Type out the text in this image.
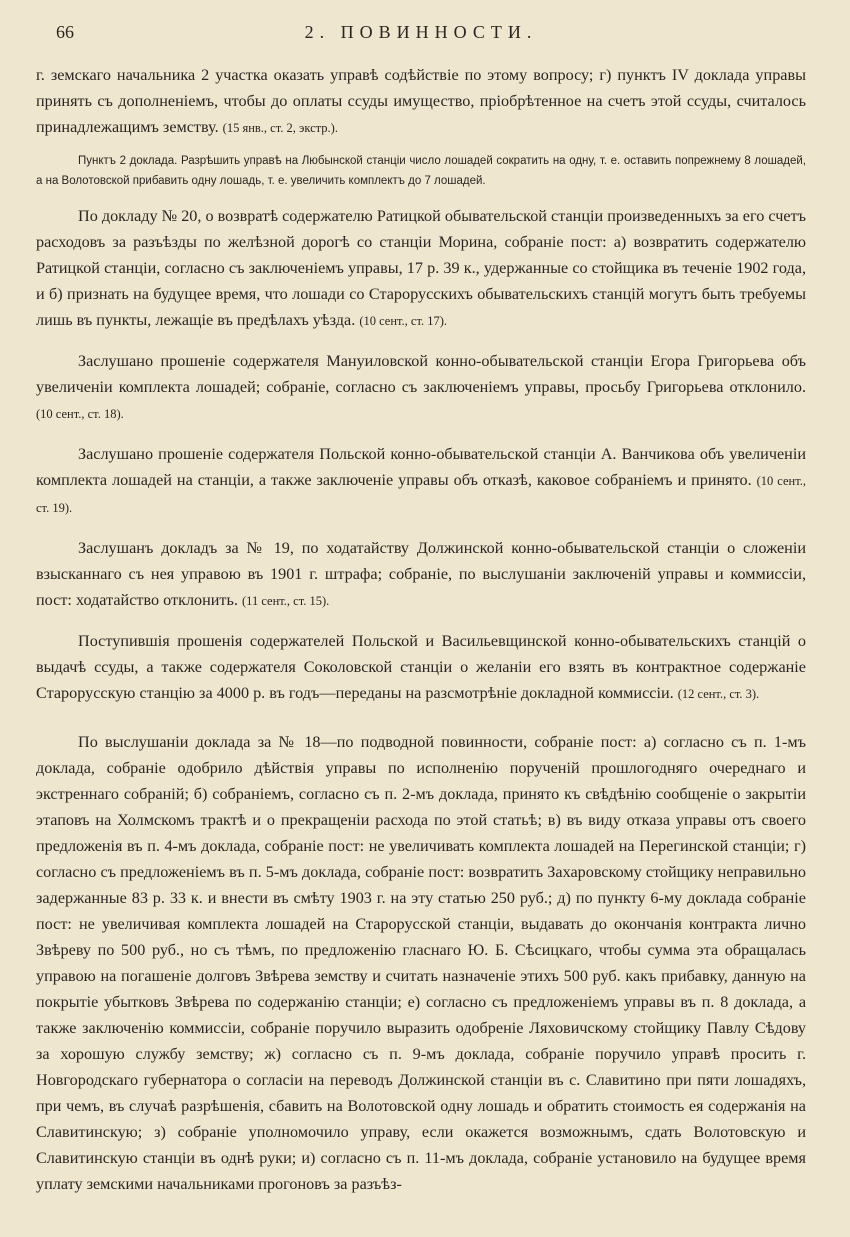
66	2. ПОВИННОСТИ.

г. земскаго начальника 2 участка оказать управѣ содѣйствіе по этому вопросу; г) пунктъ IV доклада управы принять съ дополненіемъ, чтобы до оплаты ссуды имущество, пріобрѣтенное на счетъ этой ссуды, считалось принадлежащимъ земству. (15 янв., ст. 2, экстр.).

Пунктъ 2 доклада. Разрѣшить управѣ на Любынской станціи число лошадей сократить на одну, т. е. оставить попрежнему 8 лошадей, а на Волотовской прибавить одну лошадь, т. е. увеличить комплектъ до 7 лошадей.

По докладу № 20, о возвратѣ содержателю Ратицкой обывательской станціи произведенныхъ за его счетъ расходовъ за разъѣзды по желѣзной дорогѣ со станціи Морина, собраніе пост: а) возвратить содержателю Ратицкой станціи, согласно съ заключеніемъ управы, 17 р. 39 к., удержанные со стойщика въ теченіе 1902 года, и б) признать на будущее время, что лошади со Старорусскихъ обывательскихъ станцій могутъ быть требуемы лишь въ пункты, лежащіе въ предѣлахъ уѣзда. (10 сент., ст. 17).

Заслушано прошеніе содержателя Мануиловской конно-обывательской станціи Егора Григорьева объ увеличеніи комплекта лошадей; собраніе, согласно съ заключеніемъ управы, просьбу Григорьева отклонило. (10 сент., ст. 18).

Заслушано прошеніе содержателя Польской конно-обывательской станціи А. Ванчикова объ увеличеніи комплекта лошадей на станціи, а также заключеніе управы объ отказѣ, каковое собраніемъ и принято. (10 сент., ст. 19).

Заслушанъ докладъ за № 19, по ходатайству Должинской конно-обывательской станціи о сложеніи взысканнаго съ нея управою въ 1901 г. штрафа; собраніе, по выслушаніи заключеній управы и коммиссіи, пост: ходатайство отклонить. (11 сент., ст. 15).

Поступившія прошенія содержателей Польской и Васильевщинской конно-обывательскихъ станцій о выдачѣ ссуды, а также содержателя Соколовской станціи о желаніи его взять въ контрактное содержаніе Старорусскую станцію за 4000 р. въ годъ—переданы на разсмотрѣніе докладной коммиссіи. (12 сент., ст. 3).

По выслушаніи доклада за № 18—по подводной повинности, собраніе пост: а) согласно съ п. 1-мъ доклада, собраніе одобрило дѣйствія управы по исполненію порученій прошлогодняго очереднаго и экстреннаго собраній; б) собраніемъ, согласно съ п. 2-мъ доклада, принято къ свѣдѣнію сообщеніе о закрытіи этаповъ на Холмскомъ трактѣ и о прекращеніи расхода по этой статьѣ; в) въ виду отказа управы отъ своего предложенія въ п. 4-мъ доклада, собраніе пост: не увеличивать комплекта лошадей на Перегинской станціи; г) согласно съ предложеніемъ въ п. 5-мъ доклада, собраніе пост: возвратить Захаровскому стойщику неправильно задержанные 83 р. 33 к. и внести въ смѣту 1903 г. на эту статью 250 руб.; д) по пункту 6-му доклада собраніе пост: не увеличивая комплекта лошадей на Старорусской станціи, выдавать до окончанія контракта лично Звѣреву по 500 руб., но съ тѣмъ, по предложенію гласнаго Ю. Б. Сѣсицкаго, чтобы сумма эта обращалась управою на погашеніе долговъ Звѣрева земству и считать назначеніе этихъ 500 руб. какъ прибавку, данную на покрытіе убытковъ Звѣрева по содержанію станціи; е) согласно съ предложеніемъ управы въ п. 8 доклада, а также заключенію коммиссіи, собраніе поручило выразить одобреніе Ляховичскому стойщику Павлу Сѣдову за хорошую службу земству; ж) согласно съ п. 9-мъ доклада, собраніе поручило управѣ просить г. Новгородскаго губернатора о согласіи на переводъ Должинской станціи въ с. Славитино при пяти лошадяхъ, при чемъ, въ случаѣ разрѣшенія, сбавить на Волотовской одну лошадь и обратить стоимость ея содержанія на Славитинскую; з) собраніе уполномочило управу, если окажется возможнымъ, сдать Волотовскую и Славитинскую станціи въ однѣ руки; и) согласно съ п. 11-мъ доклада, собраніе установило на будущее время уплату земскими начальниками прогоновъ за разъѣз-
